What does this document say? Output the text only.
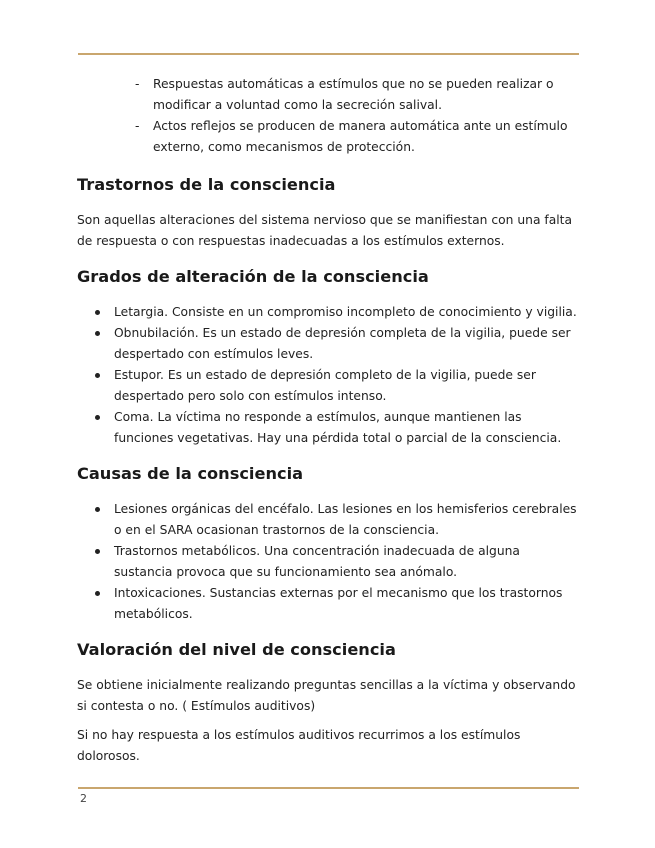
- Respuestas automáticas a estímulos que no se pueden realizar o modificar a voluntad como la secreción salival.
- Actos reflejos se producen de manera automática ante un estímulo externo, como mecanismos de protección.
Trastornos de la consciencia

Son aquellas alteraciones del sistema nervioso que se manifiestan con una falta de respuesta o con respuestas inadecuadas a los estímulos externos.

Grados de alteración de la consciencia
Letargia. Consiste en un compromiso incompleto de conocimiento y vigilia.
Obnubilación. Es un estado de depresión completa de la vigilia, puede ser despertado con estímulos leves.
Estupor. Es un estado de depresión completo de la vigilia, puede ser despertado pero solo con estímulos intenso.
Coma. La víctima no responde a estímulos, aunque mantienen las funciones vegetativas. Hay una pérdida total o parcial de la consciencia.
Causas de la consciencia
Lesiones orgánicas del encéfalo. Las lesiones en los hemisferios cerebrales o en el SARA ocasionan trastornos de la consciencia.
Trastornos metabólicos. Una concentración inadecuada de alguna sustancia provoca que su funcionamiento sea anómalo.
Intoxicaciones. Sustancias externas por el mecanismo que los trastornos metabólicos.
Valoración del nivel de consciencia

Se obtiene inicialmente realizando preguntas sencillas a la víctima y observando si contesta o no. ( Estímulos auditivos)

Si no hay respuesta a los estímulos auditivos recurrimos a los estímulos dolorosos.

2
